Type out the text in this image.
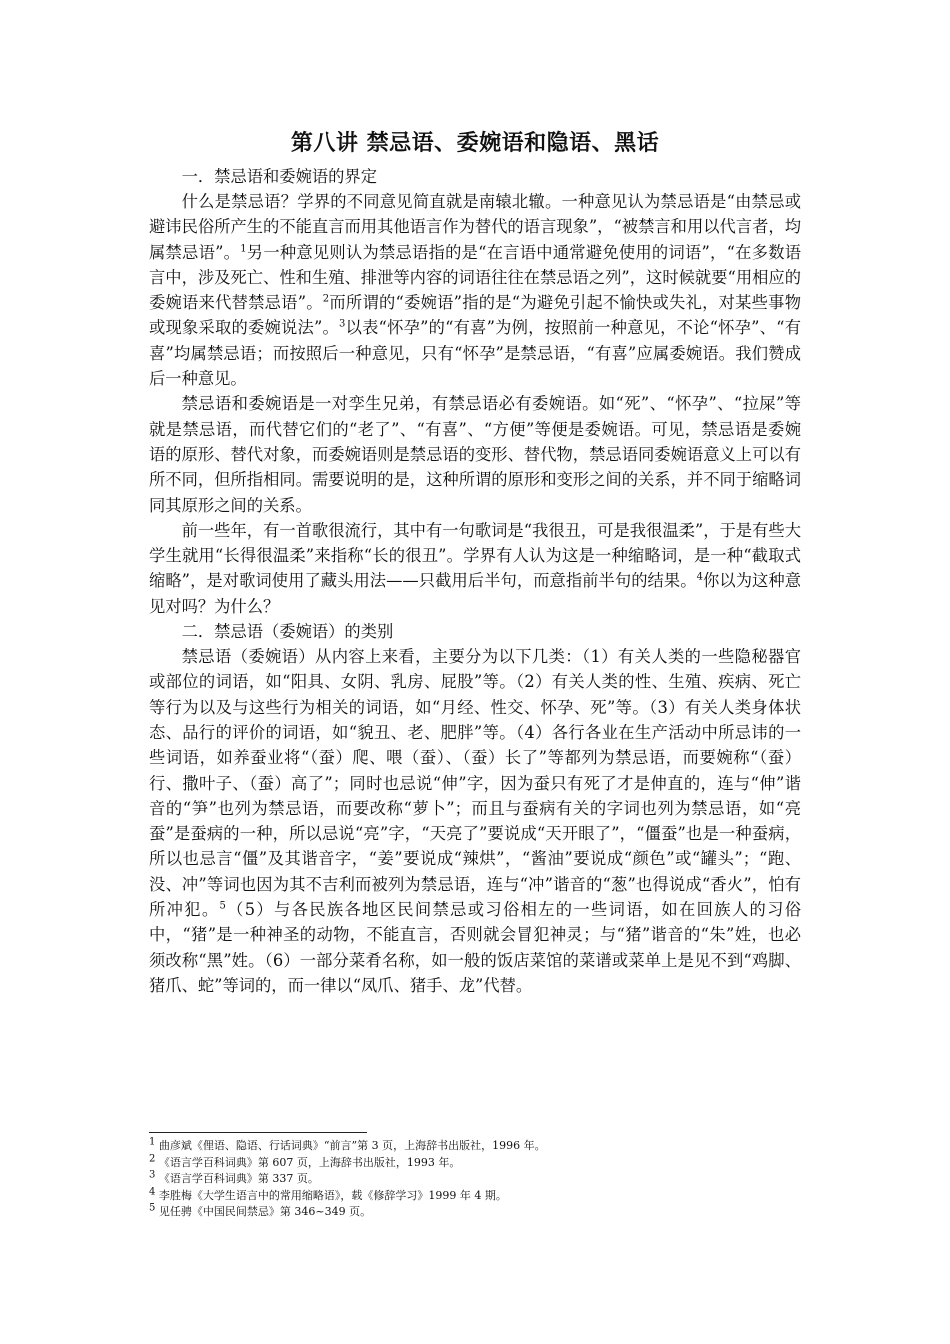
第八讲 禁忌语、委婉语和隐语、黑话

一．禁忌语和委婉语的界定

什么是禁忌语？学界的不同意见简直就是南辕北辙。一种意见认为禁忌语是“由禁忌或避讳民俗所产生的不能直言而用其他语言作为替代的语言现象”，“被禁言和用以代言者，均属禁忌语”。$^1$另一种意见则认为禁忌语指的是“在言语中通常避免使用的词语”，“在多数语言中，涉及死亡、性和生殖、排泄等内容的词语往往在禁忌语之列”，这时候就要“用相应的委婉语来代替禁忌语”。$^2$而所谓的“委婉语”指的是“为避免引起不愉快或失礼，对某些事物或现象采取的委婉说法”。$^3$以表“怀孕”的“有喜”为例，按照前一种意见，不论“怀孕”、“有喜”均属禁忌语；而按照后一种意见，只有“怀孕”是禁忌语，“有喜”应属委婉语。我们赞成后一种意见。

禁忌语和委婉语是一对孪生兄弟，有禁忌语必有委婉语。如“死”、“怀孕”、“拉屎”等就是禁忌语，而代替它们的“老了”、“有喜”、“方便”等便是委婉语。可见，禁忌语是委婉语的原形、替代对象，而委婉语则是禁忌语的变形、替代物，禁忌语同委婉语意义上可以有所不同，但所指相同。需要说明的是，这种所谓的原形和变形之间的关系，并不同于缩略词同其原形之间的关系。

前一些年，有一首歌很流行，其中有一句歌词是“我很丑，可是我很温柔”，于是有些大学生就用“长得很温柔”来指称“长的很丑”。学界有人认为这是一种缩略词，是一种“截取式缩略”，是对歌词使用了藏头用法——只截用后半句，而意指前半句的结果。$^4$你以为这种意见对吗？为什么？

二．禁忌语（委婉语）的类别

禁忌语（委婉语）从内容上来看，主要分为以下几类：（1）有关人类的一些隐秘器官或部位的词语，如“阳具、女阴、乳房、屁股”等。（2）有关人类的性、生殖、疾病、死亡等行为以及与这些行为相关的词语，如“月经、性交、怀孕、死”等。（3）有关人类身体状态、品行的评价的词语，如“貌丑、老、肥胖”等。（4）各行各业在生产活动中所忌讳的一些词语，如养蚕业将“（蚕）爬、喂（蚕）、（蚕）长了”等都列为禁忌语，而要婉称“（蚕）行、撒叶子、（蚕）高了”；同时也忌说“伸”字，因为蚕只有死了才是伸直的，连与“伸”谐音的“笋”也列为禁忌语，而要改称“萝卜”；而且与蚕病有关的字词也列为禁忌语，如“亮蚕”是蚕病的一种，所以忌说“亮”字，“天亮了”要说成“天开眼了”，“僵蚕”也是一种蚕病，所以也忌言“僵”及其谐音字，“姜”要说成“辣烘”，“酱油”要说成“颜色”或“罐头”；“跑、没、冲”等词也因为其不吉利而被列为禁忌语，连与“冲”谐音的“葱”也得说成“香火”，怕有所冲犯。$^5$（5）与各民族各地区民间禁忌或习俗相左的一些词语，如在回族人的习俗中，“猪”是一种神圣的动物，不能直言，否则就会冒犯神灵；与“猪”谐音的“朱”姓，也必须改称“黑”姓。（6）一部分菜肴名称，如一般的饭店菜馆的菜谱或菜单上是见不到“鸡脚、猪爪、蛇”等词的，而一律以“凤爪、猪手、龙”代替。

$^1$ 曲彦斌《俚语、隐语、行话词典》“前言”第 3 页，上海辞书出版社，1996 年。

$^2$ 《语言学百科词典》第 607 页，上海辞书出版社，1993 年。

$^3$ 《语言学百科词典》第 337 页。

$^4$ 李胜梅《大学生语言中的常用缩略语》，载《修辞学习》1999 年 4 期。

$^5$ 见任骋《中国民间禁忌》第 346~349 页。
